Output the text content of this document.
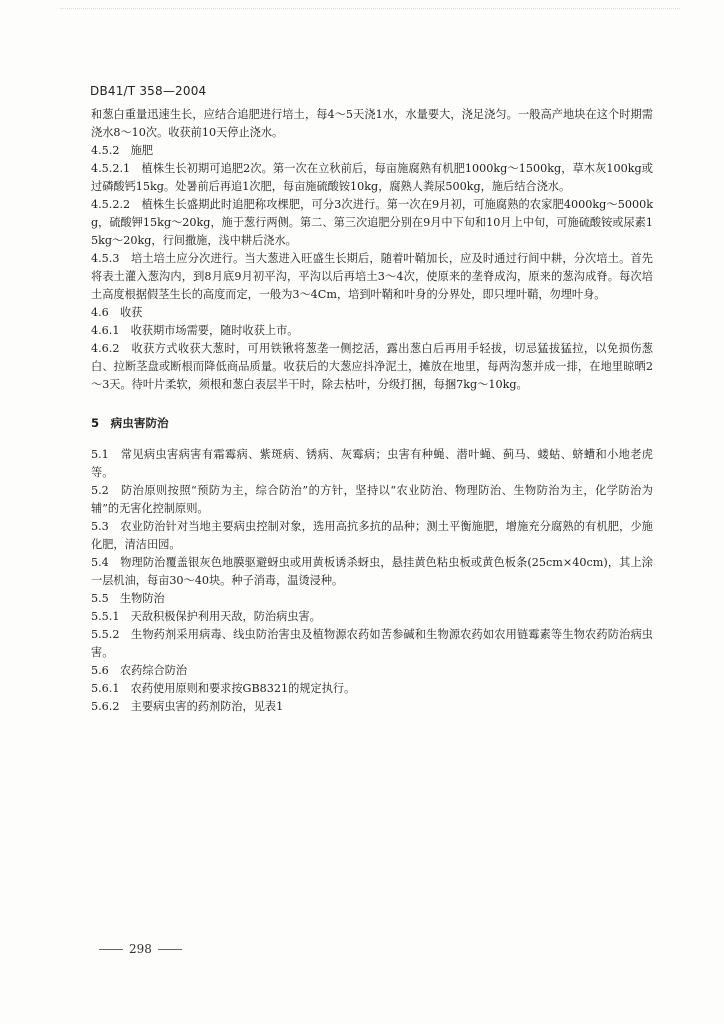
DB41/T 358—2004

和葱白重量迅速生长，应结合追肥进行培土，每4～5天浇1水，水量要大，浇足浇匀。一般高产地块在这个时期需浇水8～10次。收获前10天停止浇水。

4.5.2　施肥

4.5.2.1　植株生长初期可追肥2次。第一次在立秋前后，每亩施腐熟有机肥1000kg～1500kg，草木灰100kg或过磷酸钙15kg。处暑前后再追1次肥，每亩施硫酸铵10kg，腐熟人粪尿500kg，施后结合浇水。

4.5.2.2　植株生长盛期此时追肥称攻棵肥，可分3次进行。第一次在9月初，可施腐熟的农家肥4000kg～5000kg，硫酸钾15kg～20kg，施于葱行两侧。第二、第三次追肥分别在9月中下旬和10月上中旬，可施硫酸铵或尿素15kg～20kg，行间撒施，浅中耕后浇水。

4.5.3　培土培土应分次进行。当大葱进入旺盛生长期后，随着叶鞘加长，应及时通过行间中耕，分次培土。首先将表土灌入葱沟内，到8月底9月初平沟，平沟以后再培土3～4次，使原来的垄脊成沟，原来的葱沟成脊。每次培土高度根据假茎生长的高度而定，一般为3～4Cm，培到叶鞘和叶身的分界处，即只埋叶鞘，勿埋叶身。

4.6　收获

4.6.1　收获期市场需要，随时收获上市。

4.6.2　收获方式收获大葱时，可用铁锹将葱垄一侧挖活，露出葱白后再用手轻拔，切忌猛拔猛拉，以免损伤葱白、拉断茎盘或断根而降低商品质量。收获后的大葱应抖净泥土，摊放在地里，每两沟葱并成一排，在地里晾晒2～3天。待叶片柔软，须根和葱白表层半干时，除去枯叶，分级打捆，每捆7kg～10kg。

5　病虫害防治

5.1　常见病虫害病害有霜霉病、紫斑病、锈病、灰霉病；虫害有种蝇、潜叶蝇、蓟马、蝼蛄、蛴螬和小地老虎等。

5.2　防治原则按照“预防为主，综合防治”的方针，坚持以“农业防治、物理防治、生物防治为主，化学防治为辅”的无害化控制原则。

5.3　农业防治针对当地主要病虫控制对象，选用高抗多抗的品种；测土平衡施肥，增施充分腐熟的有机肥，少施化肥，清洁田园。

5.4　物理防治覆盖银灰色地膜驱避蚜虫或用黄板诱杀蚜虫，悬挂黄色粘虫板或黄色板条(25cm×40cm)，其上涂一层机油，每亩30～40块。种子消毒，温烫浸种。

5.5　生物防治

5.5.1　天敌积极保护利用天敌，防治病虫害。

5.5.2　生物药剂采用病毒、线虫防治害虫及植物源农药如苦参碱和生物源农药如农用链霉素等生物农药防治病虫害。

5.6　农药综合防治

5.6.1　农药使用原则和要求按GB8321的规定执行。

5.6.2　主要病虫害的药剂防治，见表1

298
